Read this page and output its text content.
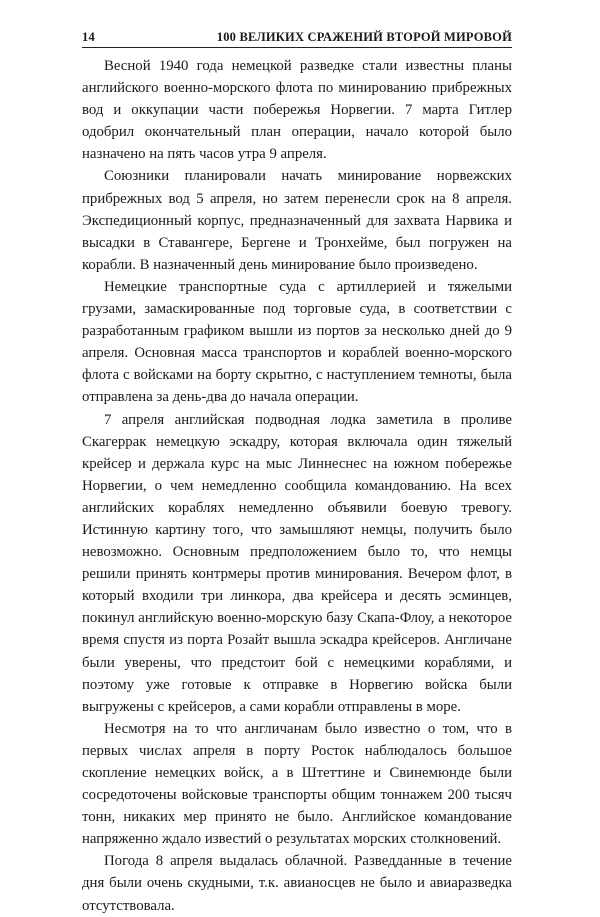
14	100 ВЕЛИКИХ СРАЖЕНИЙ ВТОРОЙ МИРОВОЙ

Весной 1940 года немецкой разведке стали известны планы английского военно-морского флота по минированию прибрежных вод и оккупации части побережья Норвегии. 7 марта Гитлер одобрил окончательный план операции, начало которой было назначено на пять часов утра 9 апреля.

Союзники планировали начать минирование норвежских прибрежных вод 5 апреля, но затем перенесли срок на 8 апреля. Экспедиционный корпус, предназначенный для захвата Нарвика и высадки в Ставангере, Бергене и Тронхейме, был погружен на корабли. В назначенный день минирование было произведено.

Немецкие транспортные суда с артиллерией и тяжелыми грузами, замаскированные под торговые суда, в соответствии с разработанным графиком вышли из портов за несколько дней до 9 апреля. Основная масса транспортов и кораблей военно-морского флота с войсками на борту скрытно, с наступлением темноты, была отправлена за день-два до начала операции.

7 апреля английская подводная лодка заметила в проливе Скагеррак немецкую эскадру, которая включала один тяжелый крейсер и держала курс на мыс Линнеснес на южном побережье Норвегии, о чем немедленно сообщила командованию. На всех английских кораблях немедленно объявили боевую тревогу. Истинную картину того, что замышляют немцы, получить было невозможно. Основным предположением было то, что немцы решили принять контрмеры против минирования. Вечером флот, в который входили три линкора, два крейсера и десять эсминцев, покинул английскую военно-морскую базу Скапа-Флоу, а некоторое время спустя из порта Розайт вышла эскадра крейсеров. Англичане были уверены, что предстоит бой с немецкими кораблями, и поэтому уже готовые к отправке в Норвегию войска были выгружены с крейсеров, а сами корабли отправлены в море.

Несмотря на то что англичанам было известно о том, что в первых числах апреля в порту Росток наблюдалось большое скопление немецких войск, а в Штеттине и Свинемюнде были сосредоточены войсковые транспорты общим тоннажем 200 тысяч тонн, никаких мер принято не было. Английское командование напряженно ждало известий о результатах морских столкновений.

Погода 8 апреля выдалась облачной. Разведданные в течение дня были очень скудными, т.к. авианосцев не было и авиаразведка отсутствовала.
